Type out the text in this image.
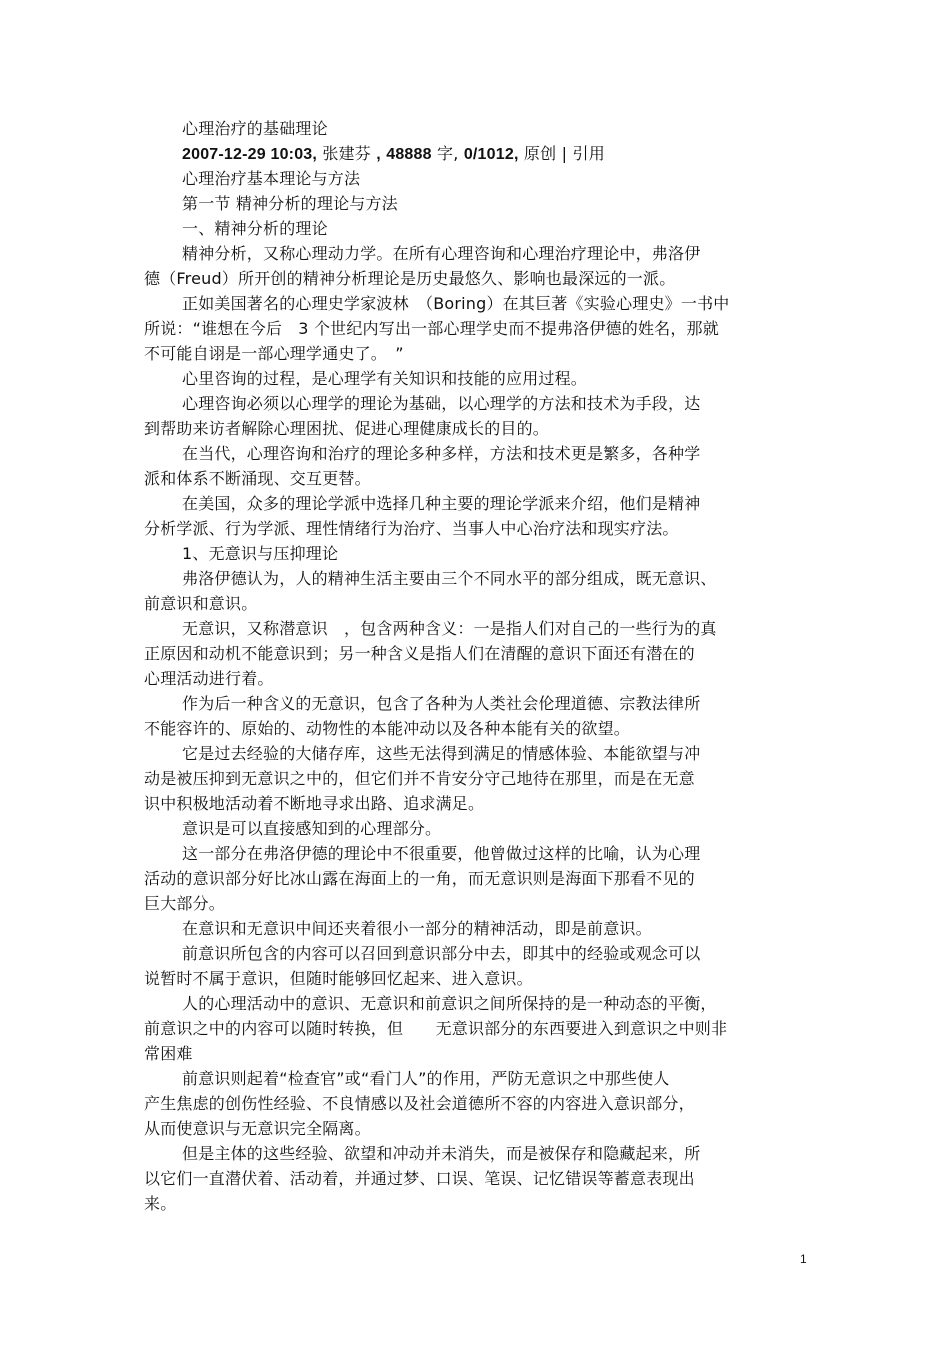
心理治疗的基础理论
2007-12-29 10:03, 张建芬 , 48888 字, 0/1012, 原创 | 引用
心理治疗基本理论与方法
第一节 精神分析的理论与方法
一、精神分析的理论
精神分析，又称心理动力学。在所有心理咨询和心理治疗理论中，弗洛伊
德（Freud）所开创的精神分析理论是历史最悠久、影响也最深远的一派。
正如美国著名的心理史学家波林　（Boring）在其巨著《实验心理史》一书中
所说：“谁想在今后　3 个世纪内写出一部心理学史而不提弗洛伊德的姓名，那就
不可能自诩是一部心理学通史了。　”
心里咨询的过程，是心理学有关知识和技能的应用过程。
心理咨询必须以心理学的理论为基础，以心理学的方法和技术为手段，达
到帮助来访者解除心理困扰、促进心理健康成长的目的。
在当代，心理咨询和治疗的理论多种多样，方法和技术更是繁多，各种学
派和体系不断涌现、交互更替。
在美国，众多的理论学派中选择几种主要的理论学派来介绍，他们是精神
分析学派、行为学派、理性情绪行为治疗、当事人中心治疗法和现实疗法。
1、无意识与压抑理论
弗洛伊德认为，人的精神生活主要由三个不同水平的部分组成，既无意识、
前意识和意识。
无意识，又称潜意识　，包含两种含义：一是指人们对自己的一些行为的真
正原因和动机不能意识到；另一种含义是指人们在清醒的意识下面还有潜在的
心理活动进行着。
作为后一种含义的无意识，包含了各种为人类社会伦理道德、宗教法律所
不能容许的、原始的、动物性的本能冲动以及各种本能有关的欲望。
它是过去经验的大储存库，这些无法得到满足的情感体验、本能欲望与冲
动是被压抑到无意识之中的，但它们并不肯安分守己地待在那里，而是在无意
识中积极地活动着不断地寻求出路、追求满足。
意识是可以直接感知到的心理部分。
这一部分在弗洛伊德的理论中不很重要，他曾做过这样的比喻，认为心理
活动的意识部分好比冰山露在海面上的一角，而无意识则是海面下那看不见的
巨大部分。
在意识和无意识中间还夹着很小一部分的精神活动，即是前意识。
前意识所包含的内容可以召回到意识部分中去，即其中的经验或观念可以
说暂时不属于意识，但随时能够回忆起来、进入意识。
人的心理活动中的意识、无意识和前意识之间所保持的是一种动态的平衡，
前意识之中的内容可以随时转换，但　　无意识部分的东西要进入到意识之中则非
常困难
前意识则起着“检查官”或“看门人”的作用，严防无意识之中那些使人
产生焦虑的创伤性经验、不良情感以及社会道德所不容的内容进入意识部分，
从而使意识与无意识完全隔离。
但是主体的这些经验、欲望和冲动并未消失，而是被保存和隐藏起来，所
以它们一直潜伏着、活动着，并通过梦、口误、笔误、记忆错误等蓄意表现出
来。
1
